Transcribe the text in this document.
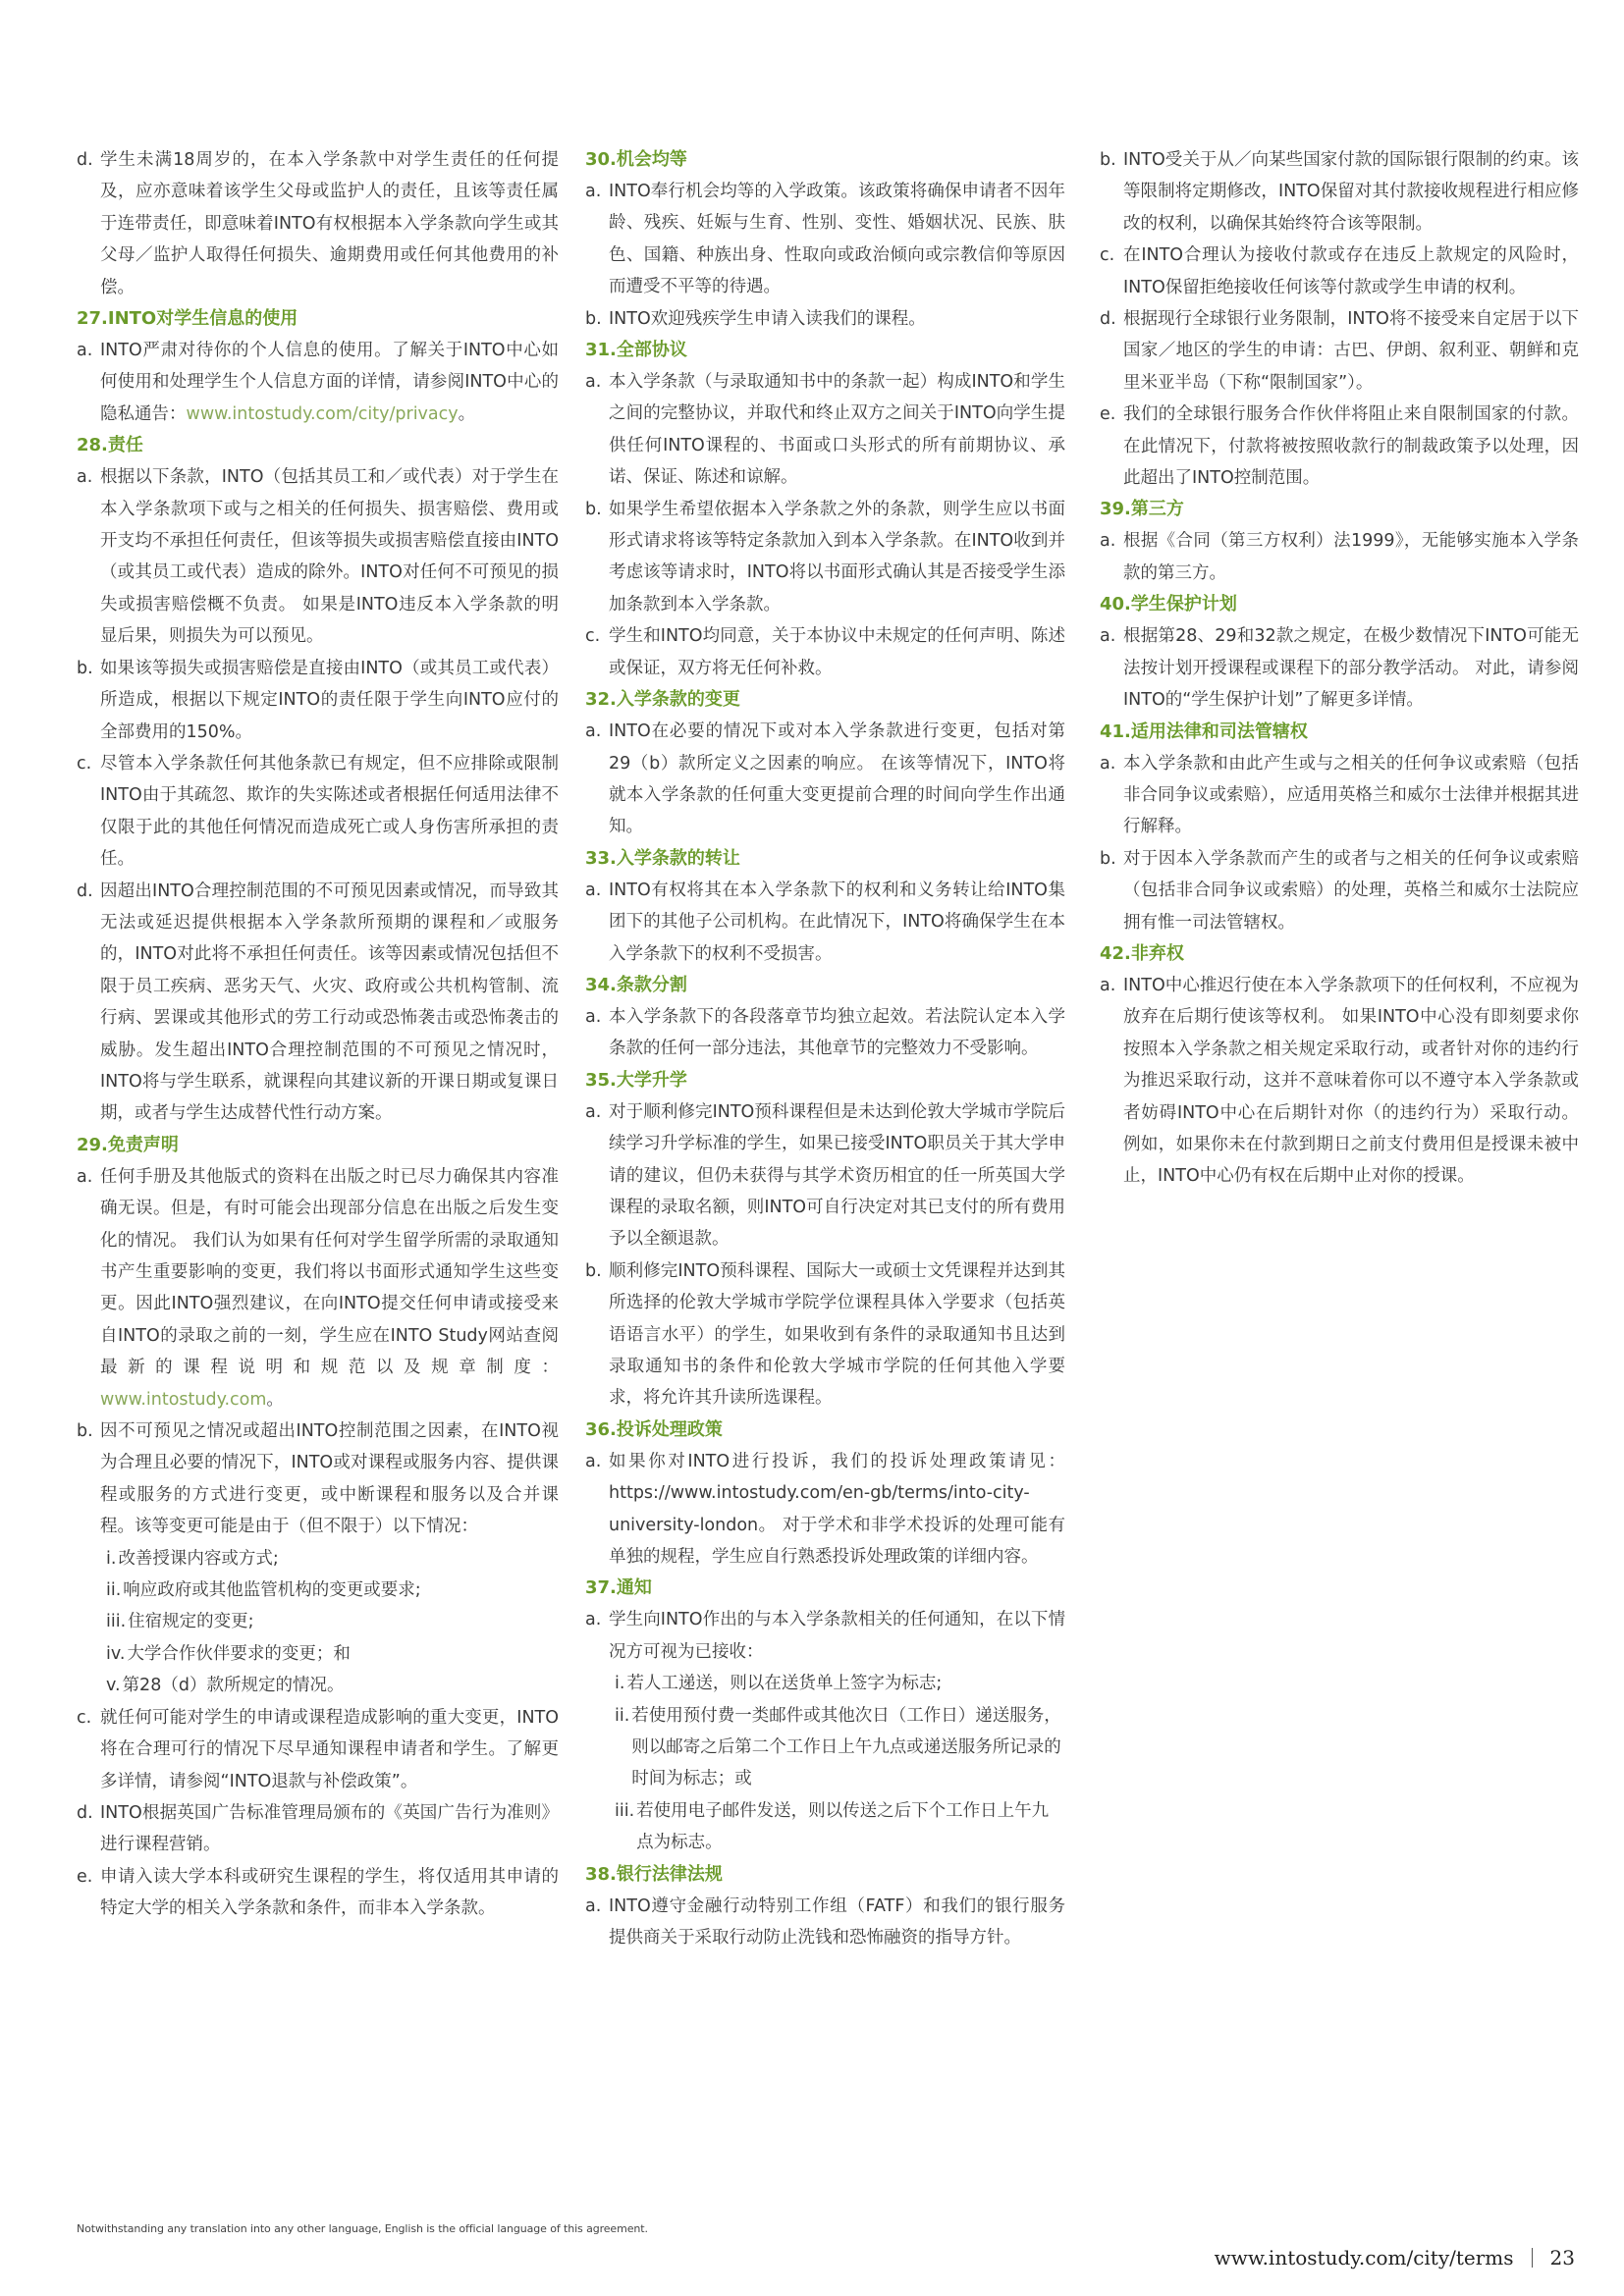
d. 学生未满18周岁的，在本入学条款中对学生责任的任何提及，应亦意味着该学生父母或监护人的责任，且该等责任属于连带责任，即意味着INTO有权根据本入学条款向学生或其父母／监护人取得任何损失、逾期费用或任何其他费用的补偿。
27.INTO对学生信息的使用
a. INTO严肃对待你的个人信息的使用。了解关于INTO中心如何使用和处理学生个人信息方面的详情，请参阅INTO中心的隐私通告：www.intostudy.com/city/privacy。
28.责任
a. 根据以下条款，INTO（包括其员工和／或代表）对于学生在本入学条款项下或与之相关的任何损失、损害赔偿、费用或开支均不承担任何责任，但该等损失或损害赔偿直接由INTO（或其员工或代表）造成的除外。INTO对任何不可预见的损失或损害赔偿概不负责。 如果是INTO违反本入学条款的明显后果，则损失为可以预见。
b. 如果该等损失或损害赔偿是直接由INTO（或其员工或代表）所造成，根据以下规定INTO的责任限于学生向INTO应付的全部费用的150%。
c. 尽管本入学条款任何其他条款已有规定，但不应排除或限制INTO由于其疏忽、欺诈的失实陈述或者根据任何适用法律不仅限于此的其他任何情况而造成死亡或人身伤害所承担的责任。
d. 因超出INTO合理控制范围的不可预见因素或情况，而导致其无法或延迟提供根据本入学条款所预期的课程和／或服务的，INTO对此将不承担任何责任。该等因素或情况包括但不限于员工疾病、恶劣天气、火灾、政府或公共机构管制、流行病、罢课或其他形式的劳工行动或恐怖袭击或恐怖袭击的威胁。发生超出INTO合理控制范围的不可预见之情况时，INTO将与学生联系，就课程向其建议新的开课日期或复课日期，或者与学生达成替代性行动方案。
29.免责声明
a. 任何手册及其他版式的资料在出版之时已尽力确保其内容准确无误。但是，有时可能会出现部分信息在出版之后发生变化的情况。 我们认为如果有任何对学生留学所需的录取通知书产生重要影响的变更，我们将以书面形式通知学生这些变更。因此INTO强烈建议，在向INTO提交任何申请或接受来自INTO的录取之前的一刻，学生应在INTO Study网站查阅最新的课程说明和规范以及规章制度：www.intostudy.com。
b. 因不可预见之情况或超出INTO控制范围之因素，在INTO视为合理且必要的情况下，INTO或对课程或服务内容、提供课程或服务的方式进行变更，或中断课程和服务以及合并课程。该等变更可能是由于（但不限于）以下情况：
i. 改善授课内容或方式;
ii. 响应政府或其他监管机构的变更或要求;
iii. 住宿规定的变更;
iv. 大学合作伙伴要求的变更；和
v. 第28（d）款所规定的情况。
c. 就任何可能对学生的申请或课程造成影响的重大变更，INTO将在合理可行的情况下尽早通知课程申请者和学生。了解更多详情，请参阅“INTO退款与补偿政策”。
d. INTO根据英国广告标准管理局颁布的《英国广告行为准则》进行课程营销。
e. 申请入读大学本科或研究生课程的学生，将仅适用其申请的特定大学的相关入学条款和条件，而非本入学条款。
30.机会均等
a. INTO奉行机会均等的入学政策。该政策将确保申请者不因年龄、残疾、妊娠与生育、性别、变性、婚姻状况、民族、肤色、国籍、种族出身、性取向或政治倾向或宗教信仰等原因而遭受不平等的待遇。
b. INTO欢迎残疾学生申请入读我们的课程。
31.全部协议
a. 本入学条款（与录取通知书中的条款一起）构成INTO和学生之间的完整协议，并取代和终止双方之间关于INTO向学生提供任何INTO课程的、书面或口头形式的所有前期协议、承诺、保证、陈述和谅解。
b. 如果学生希望依据本入学条款之外的条款，则学生应以书面形式请求将该等特定条款加入到本入学条款。在INTO收到并考虑该等请求时，INTO将以书面形式确认其是否接受学生添加条款到本入学条款。
c. 学生和INTO均同意，关于本协议中未规定的任何声明、陈述或保证，双方将无任何补救。
32.入学条款的变更
a. INTO在必要的情况下或对本入学条款进行变更，包括对第29（b）款所定义之因素的响应。 在该等情况下，INTO将就本入学条款的任何重大变更提前合理的时间向学生作出通知。
33.入学条款的转让
a. INTO有权将其在本入学条款下的权利和义务转让给INTO集团下的其他子公司机构。在此情况下，INTO将确保学生在本入学条款下的权利不受损害。
34.条款分割
a. 本入学条款下的各段落章节均独立起效。若法院认定本入学条款的任何一部分违法，其他章节的完整效力不受影响。
35.大学升学
a. 对于顺利修完INTO预科课程但是未达到伦敦大学城市学院后续学习升学标准的学生，如果已接受INTO职员关于其大学申请的建议，但仍未获得与其学术资历相宜的任一所英国大学课程的录取名额，则INTO可自行决定对其已支付的所有费用予以全额退款。
b. 顺利修完INTO预科课程、国际大一或硕士文凭课程并达到其所选择的伦敦大学城市学院学位课程具体入学要求（包括英语语言水平）的学生，如果收到有条件的录取通知书且达到录取通知书的条件和伦敦大学城市学院的任何其他入学要求，将允许其升读所选课程。
36.投诉处理政策
a. 如果你对INTO进行投诉，我们的投诉处理政策请见：https://www.intostudy.com/en-gb/terms/into-city-university-london。 对于学术和非学术投诉的处理可能有单独的规程，学生应自行熟悉投诉处理政策的详细内容。
37.通知
a. 学生向INTO作出的与本入学条款相关的任何通知，在以下情况方可视为已接收：
i. 若人工递送，则以在送货单上签字为标志;
ii. 若使用预付费一类邮件或其他次日（工作日）递送服务，则以邮寄之后第二个工作日上午九点或递送服务所记录的时间为标志；或
iii. 若使用电子邮件发送，则以传送之后下个工作日上午九点为标志。
38.银行法律法规
a. INTO遵守金融行动特别工作组（FATF）和我们的银行服务提供商关于采取行动防止洗钱和恐怖融资的指导方针。
b. INTO受关于从／向某些国家付款的国际银行限制的约束。该等限制将定期修改，INTO保留对其付款接收规程进行相应修改的权利，以确保其始终符合该等限制。
c. 在INTO合理认为接收付款或存在违反上款规定的风险时，INTO保留拒绝接收任何该等付款或学生申请的权利。
d. 根据现行全球银行业务限制，INTO将不接受来自定居于以下国家／地区的学生的申请：古巴、伊朗、叙利亚、朝鲜和克里米亚半岛（下称“限制国家”）。
e. 我们的全球银行服务合作伙伴将阻止来自限制国家的付款。在此情况下，付款将被按照收款行的制裁政策予以处理，因此超出了INTO控制范围。
39.第三方
a. 根据《合同（第三方权利）法1999》，无能够实施本入学条款的第三方。
40.学生保护计划
a. 根据第28、29和32款之规定，在极少数情况下INTO可能无法按计划开授课程或课程下的部分教学活动。 对此，请参阅INTO的“学生保护计划”了解更多详情。
41.适用法律和司法管辖权
a. 本入学条款和由此产生或与之相关的任何争议或索赔（包括非合同争议或索赔），应适用英格兰和威尔士法律并根据其进行解释。
b. 对于因本入学条款而产生的或者与之相关的任何争议或索赔（包括非合同争议或索赔）的处理，英格兰和威尔士法院应拥有惟一司法管辖权。
42.非弃权
a. INTO中心推迟行使在本入学条款项下的任何权利，不应视为放弃在后期行使该等权利。 如果INTO中心没有即刻要求你按照本入学条款之相关规定采取行动，或者针对你的违约行为推迟采取行动，这并不意味着你可以不遵守本入学条款或者妨碍INTO中心在后期针对你（的违约行为）采取行动。 例如，如果你未在付款到期日之前支付费用但是授课未被中止，INTO中心仍有权在后期中止对你的授课。
Notwithstanding any translation into any other language, English is the official language of this agreement.
www.intostudy.com/city/terms 23
